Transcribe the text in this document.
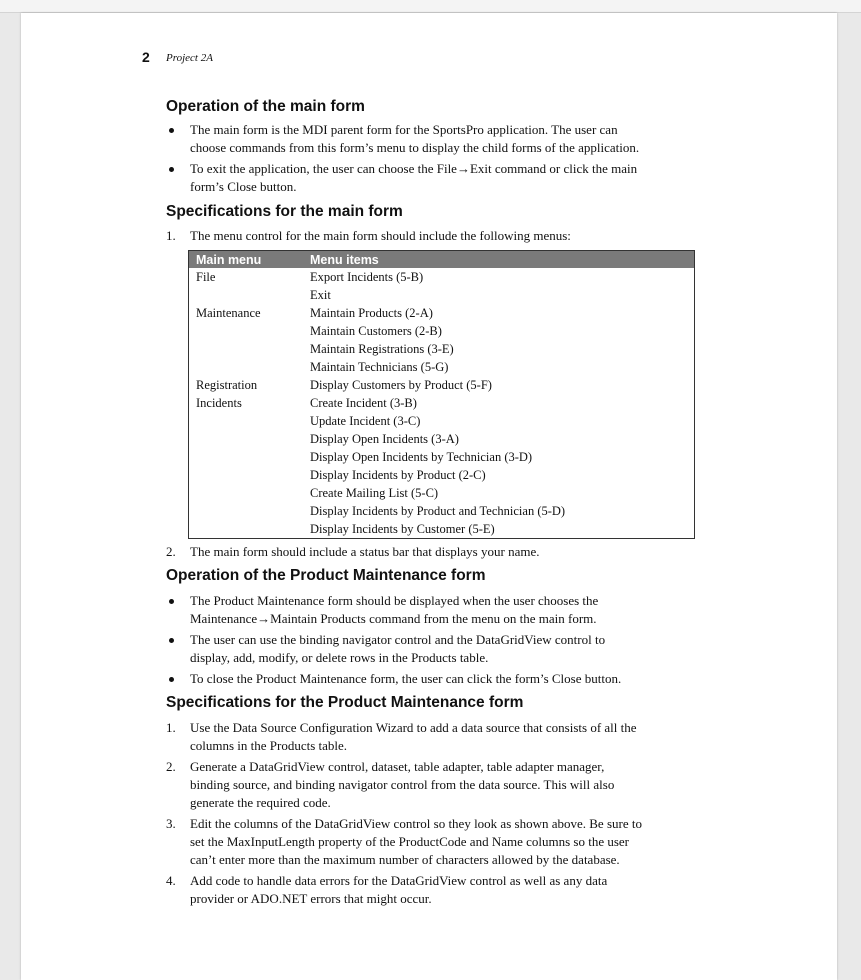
2 Project 2A
Operation of the main form
The main form is the MDI parent form for the SportsPro application. The user can
choose commands from this form’s menu to display the child forms of the application.
To exit the application, the user can choose the File→Exit command or click the main
form’s Close button.
Specifications for the main form
1. The menu control for the main form should include the following menus:
Main menu	Menu items
File	Export Incidents (5-B)
	Exit
Maintenance	Maintain Products (2-A)
	Maintain Customers (2-B)
	Maintain Registrations (3-E)
	Maintain Technicians (5-G)
Registration	Display Customers by Product (5-F)
Incidents	Create Incident (3-B)
	Update Incident (3-C)
	Display Open Incidents (3-A)
	Display Open Incidents by Technician (3-D)
	Display Incidents by Product (2-C)
	Create Mailing List (5-C)
	Display Incidents by Product and Technician (5-D)
	Display Incidents by Customer (5-E)
2. The main form should include a status bar that displays your name.
Operation of the Product Maintenance form
The Product Maintenance form should be displayed when the user chooses the
Maintenance→Maintain Products command from the menu on the main form.
The user can use the binding navigator control and the DataGridView control to
display, add, modify, or delete rows in the Products table.
To close the Product Maintenance form, the user can click the form’s Close button.
Specifications for the Product Maintenance form
1. Use the Data Source Configuration Wizard to add a data source that consists of all the
columns in the Products table.
2. Generate a DataGridView control, dataset, table adapter, table adapter manager,
binding source, and binding navigator control from the data source. This will also
generate the required code.
3. Edit the columns of the DataGridView control so they look as shown above. Be sure to
set the MaxInputLength property of the ProductCode and Name columns so the user
can’t enter more than the maximum number of characters allowed by the database.
4. Add code to handle data errors for the DataGridView control as well as any data
provider or ADO.NET errors that might occur.
